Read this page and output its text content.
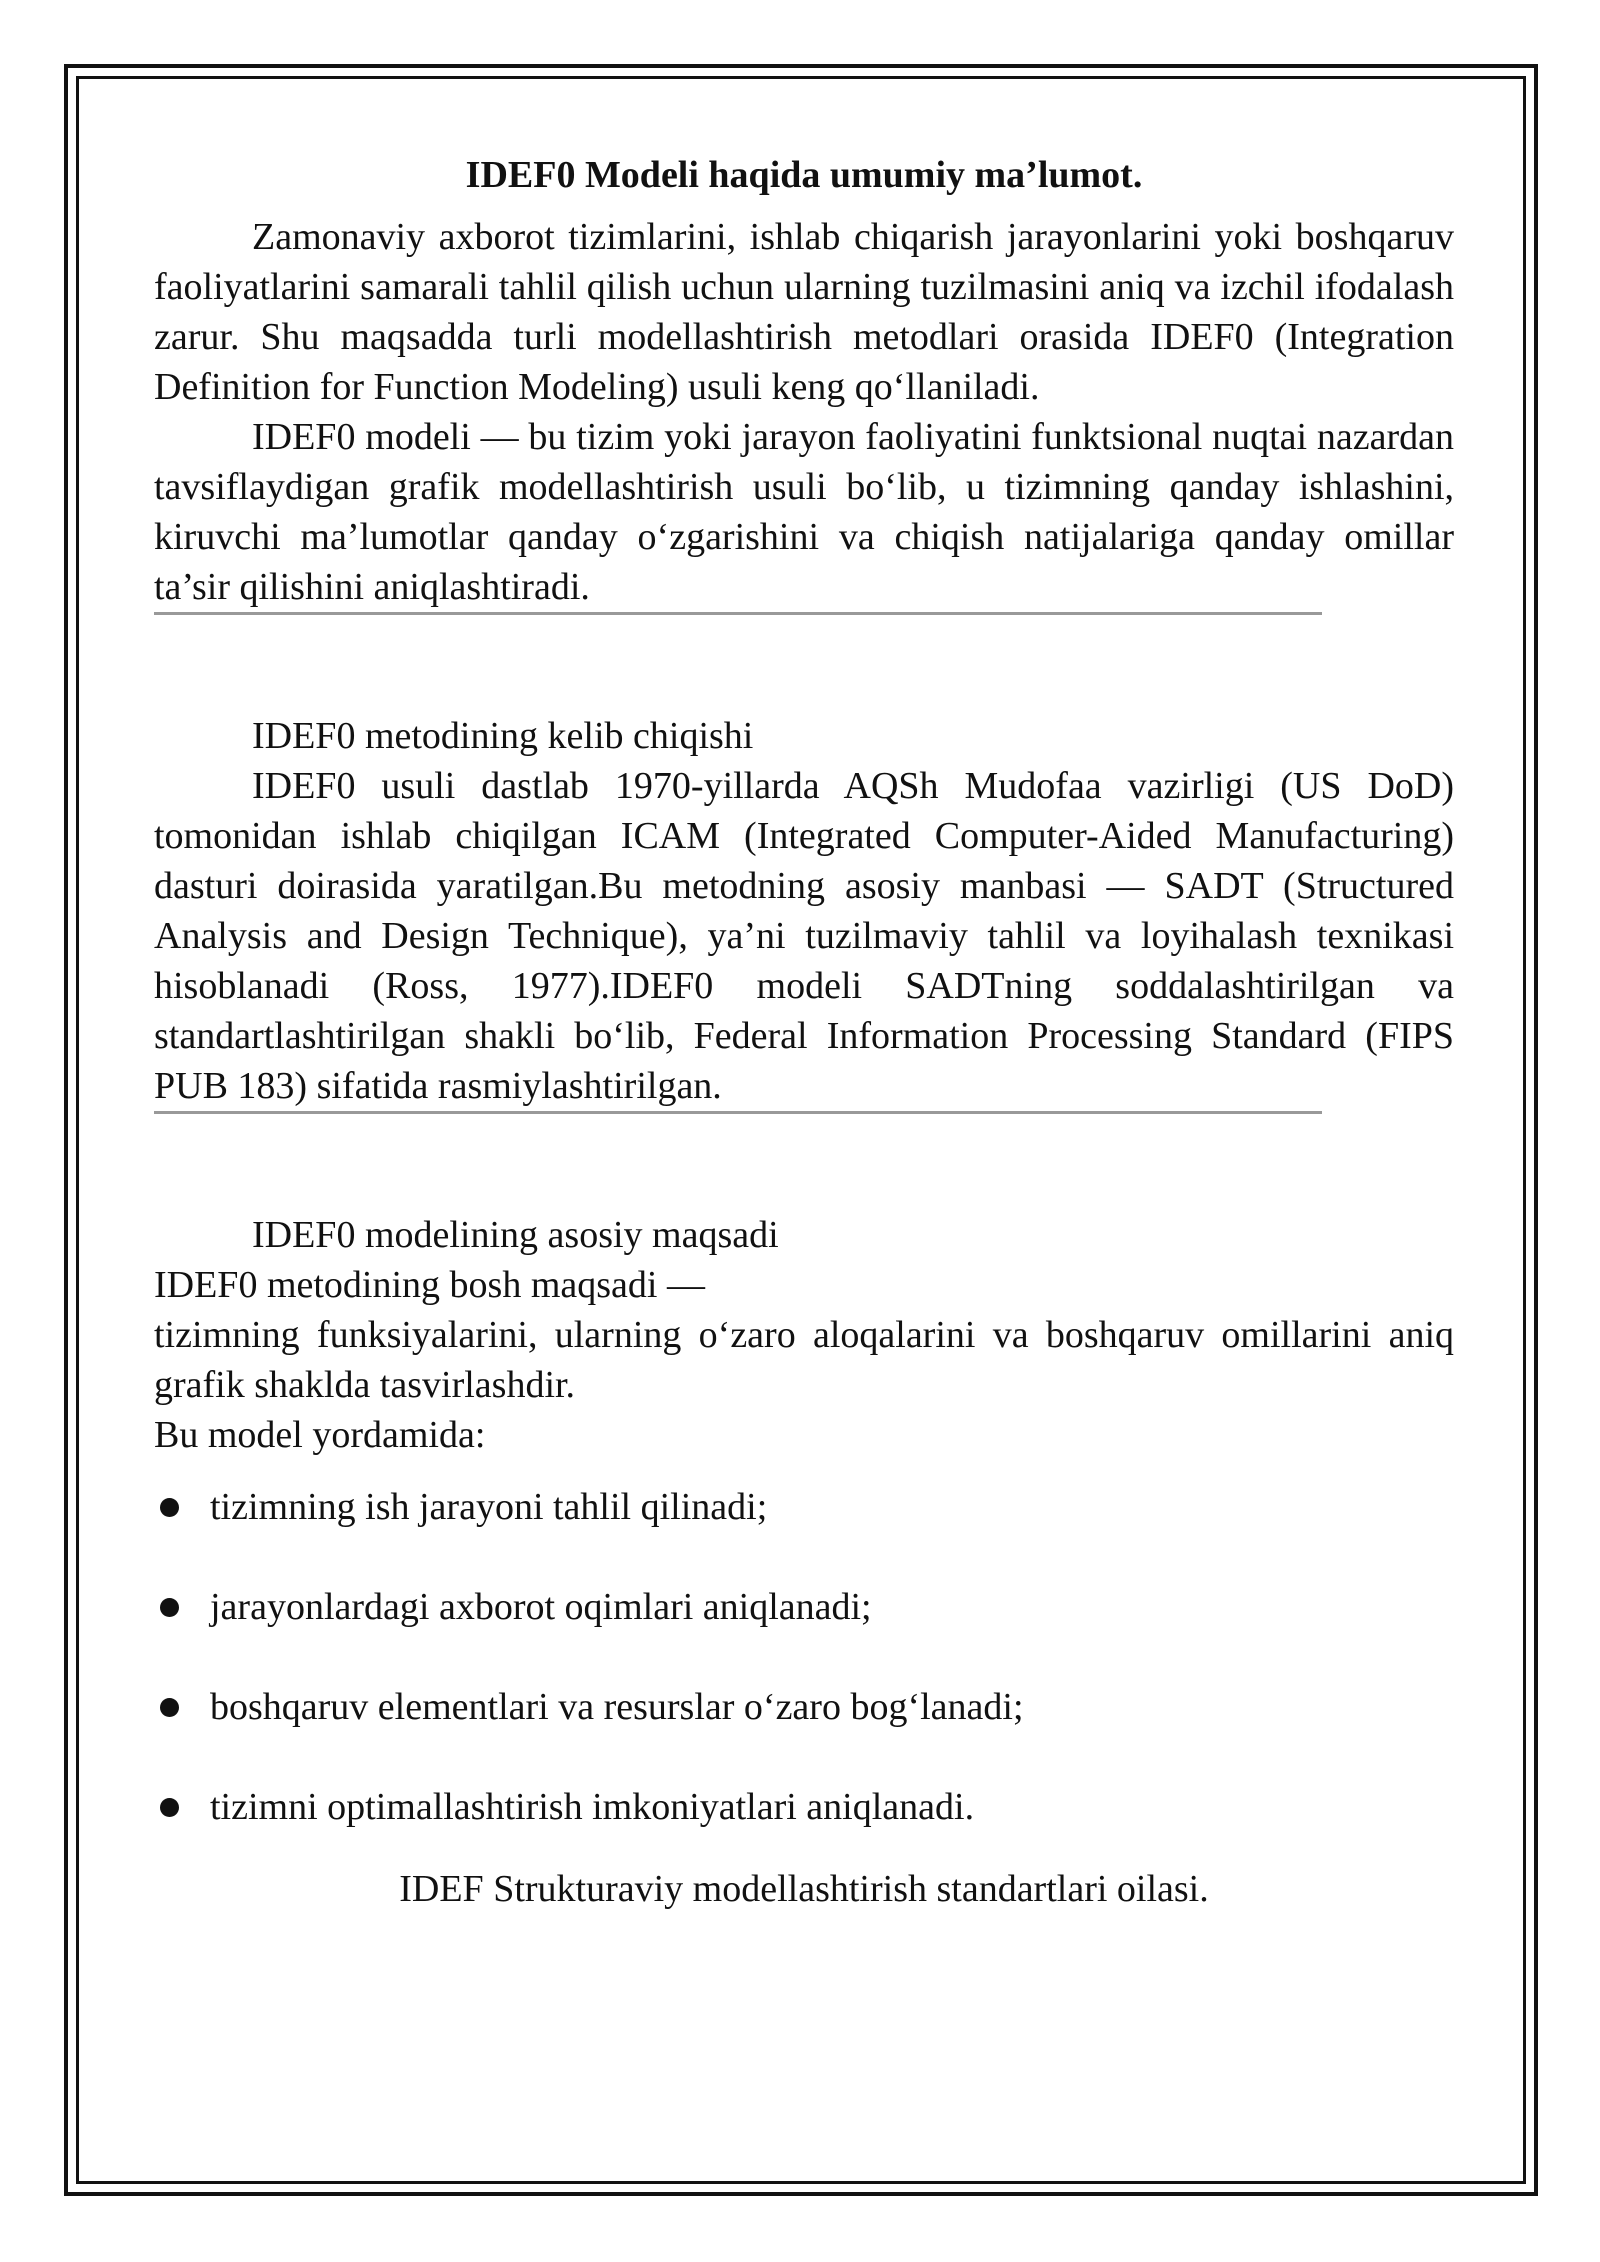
IDEF0 Modeli haqida umumiy ma’lumot.

Zamonaviy axborot tizimlarini, ishlab chiqarish jarayonlarini yoki boshqaruv faoliyatlarini samarali tahlil qilish uchun ularning tuzilmasini aniq va izchil ifodalash zarur. Shu maqsadda turli modellashtirish metodlari orasida IDEF0 (Integration Definition for Function Modeling) usuli keng qo‘llaniladi.

IDEF0 modeli — bu tizim yoki jarayon faoliyatini funktsional nuqtai nazardan tavsiflaydigan grafik modellashtirish usuli bo‘lib, u tizimning qanday ishlashini, kiruvchi ma’lumotlar qanday o‘zgarishini va chiqish natijalariga qanday omillar ta’sir qilishini aniqlashtiradi.

IDEF0 metodining kelib chiqishi

IDEF0 usuli dastlab 1970-yillarda AQSh Mudofaa vazirligi (US DoD) tomonidan ishlab chiqilgan ICAM (Integrated Computer-Aided Manufacturing) dasturi doirasida yaratilgan.Bu metodning asosiy manbasi — SADT (Structured Analysis and Design Technique), ya’ni tuzilmaviy tahlil va loyihalash texnikasi hisoblanadi (Ross, 1977).IDEF0 modeli SADTning soddalashtirilgan va standartlashtirilgan shakli bo‘lib, Federal Information Processing Standard (FIPS PUB 183) sifatida rasmiylashtirilgan.

IDEF0 modelining asosiy maqsadi

IDEF0 metodining bosh maqsadi —

tizimning funksiyalarini, ularning o‘zaro aloqalarini va boshqaruv omillarini aniq grafik shaklda tasvirlashdir.

Bu model yordamida:

tizimning ish jarayoni tahlil qilinadi;
jarayonlardagi axborot oqimlari aniqlanadi;
boshqaruv elementlari va resurslar o‘zaro bog‘lanadi;
tizimni optimallashtirish imkoniyatlari aniqlanadi.

IDEF Strukturaviy modellashtirish standartlari oilasi.
